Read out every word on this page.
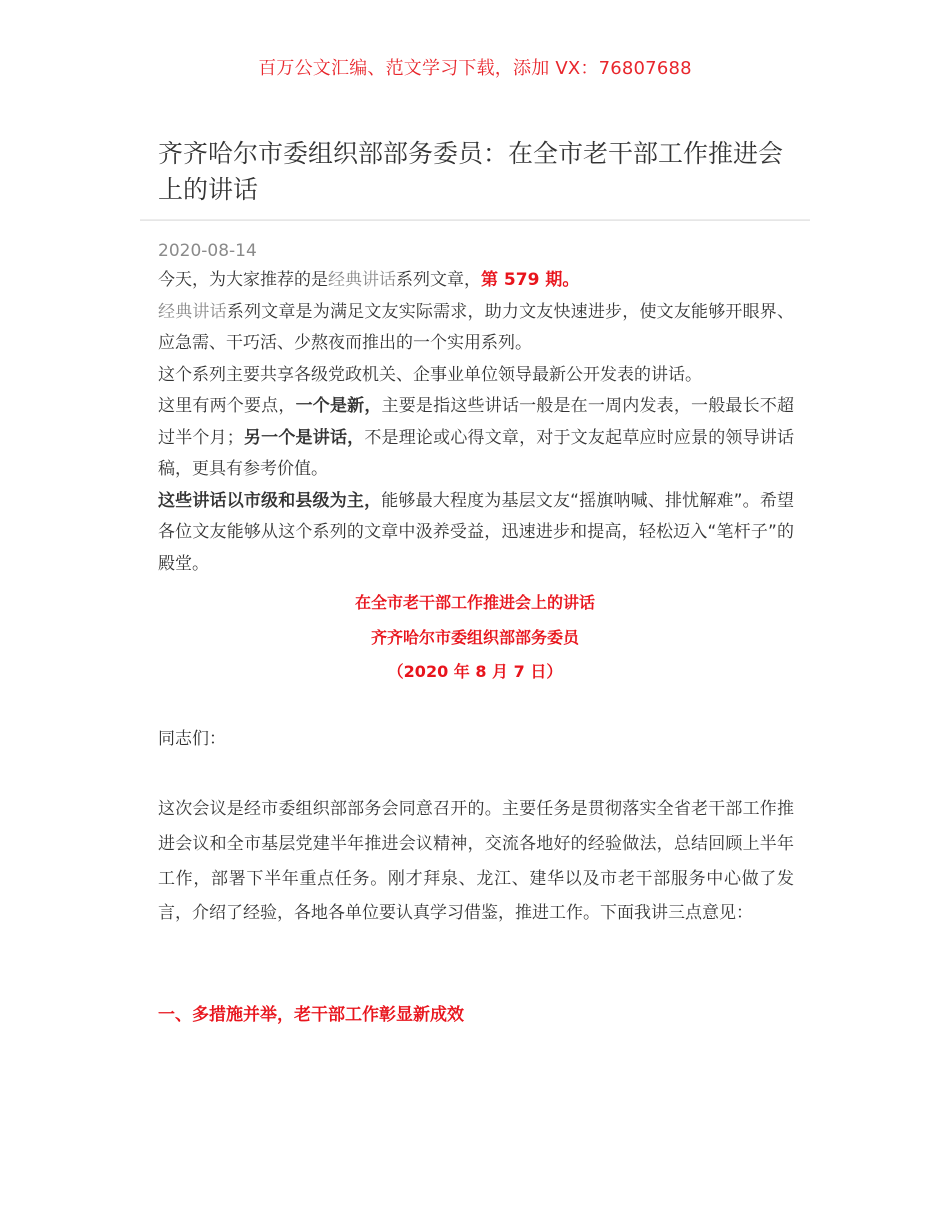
百万公文汇编、范文学习下载，添加 VX：76807688
齐齐哈尔市委组织部部务委员：在全市老干部工作推进会上的讲话
2020-08-14

今天，为大家推荐的是经典讲话系列文章，第 579 期。

经典讲话系列文章是为满足文友实际需求，助力文友快速进步，使文友能够开眼界、应急需、干巧活、少熬夜而推出的一个实用系列。

这个系列主要共享各级党政机关、企事业单位领导最新公开发表的讲话。

这里有两个要点，一个是新，主要是指这些讲话一般是在一周内发表，一般最长不超过半个月；另一个是讲话，不是理论或心得文章，对于文友起草应时应景的领导讲话稿，更具有参考价值。

这些讲话以市级和县级为主，能够最大程度为基层文友“摇旗呐喊、排忧解难”。希望各位文友能够从这个系列的文章中汲养受益，迅速进步和提高，轻松迈入“笔杆子”的殿堂。

在全市老干部工作推进会上的讲话
齐齐哈尔市委组织部部务委员
（2020 年 8 月 7 日）
同志们：
这次会议是经市委组织部部务会同意召开的。主要任务是贯彻落实全省老干部工作推进会议和全市基层党建半年推进会议精神，交流各地好的经验做法，总结回顾上半年工作，部署下半年重点任务。刚才拜泉、龙江、建华以及市老干部服务中心做了发言，介绍了经验，各地各单位要认真学习借鉴，推进工作。下面我讲三点意见：
一、多措施并举，老干部工作彰显新成效
